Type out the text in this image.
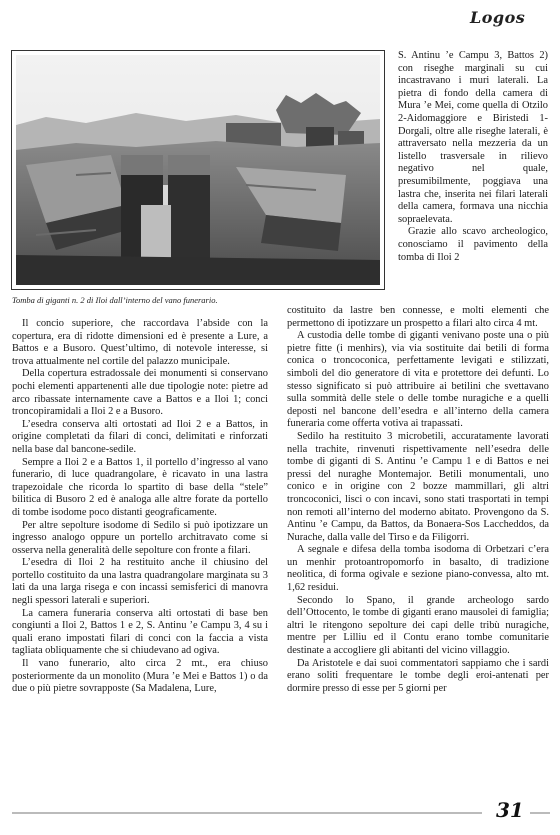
Logos
Tomba di giganti n. 2 di Iloi dall’interno del vano funerario.

S. Antinu ’e Campu 3, Battos 2) con riseghe marginali su cui incastravano i muri laterali. La pietra di fondo della camera di Mura ’e Mei, come quella di Otzilo 2-Aidomaggiore e Biristedi 1-Dorgali, oltre alle riseghe laterali, è attraversato nella mezzeria da un listello trasversale in rilievo negativo nel quale, presumibilmente, poggiava una lastra che, inserita nei filari laterali della camera, formava una nicchia sopraelevata.

Grazie allo scavo archeologico, conosciamo il pavimento della tomba di Iloi 2

costituito da lastre ben connesse, e molti elementi che permettono di ipotizzare un prospetto a filari alto circa 4 mt.

A custodia delle tombe di giganti venivano poste una o più pietre fitte (i menhirs), via via sostituite dai betili di forma conica o troncoconica, perfettamente levigati e stilizzati, simboli del dio generatore di vita e protettore dei defunti. Lo stesso significato si può attribuire ai betilini che svettavano sulla sommità delle stele o delle tombe nuragiche e a quelli deposti nel bancone dell’esedra e all’interno della camera funeraria come offerta votiva ai trapassati.

Sedilo ha restituito 3 microbetili, accuratamente lavorati nella trachite, rinvenuti rispettivamente nell’esedra delle tombe di giganti di S. Antinu ’e Campu 1 e di Battos e nei pressi del nuraghe Montemajor. Betili monumentali, uno conico e in origine con 2 bozze mammillari, gli altri troncoconici, lisci o con incavi, sono stati trasportati in tempi non remoti all’interno del moderno abitato. Provengono da S. Antinu ’e Campu, da Battos, da Bonaera-Sos Laccheddos, da Nurache, dalla valle del Tirso e da Filigorri.

A segnale e difesa della tomba isodoma di Orbetzari c’era un menhir protoantropomorfo in basalto, di tradizione neolitica, di forma ogivale e sezione piano-convessa, alto mt. 1,62 residui.

Secondo lo Spano, il grande archeologo sardo dell’Ottocento, le tombe di giganti erano mausolei di famiglia; altri le ritengono sepolture dei capi delle tribù nuragiche, mentre per Lilliu ed il Contu erano tombe comunitarie destinate a accogliere gli abitanti del vicino villaggio.

Da Aristotele e dai suoi commentatori sappiamo che i sardi erano soliti frequentare le tombe degli eroi-antenati per dormire presso di esse per 5 giorni per

Il concio superiore, che raccordava l’abside con la copertura, era di ridotte dimensioni ed è presente a Lure, a Battos e a Busoro. Quest’ultimo, di notevole interesse, si trova attualmente nel cortile del palazzo municipale.

Della copertura estradossale dei monumenti si conservano pochi elementi appartenenti alle due tipologie note: pietre ad arco ribassate internamente cave a Battos e a Iloi 1; conci troncopiramidali a Iloi 2 e a Busoro.

L’esedra conserva alti ortostati ad Iloi 2 e a Battos, in origine completati da filari di conci, delimitati e rinforzati nella base dal bancone-sedile.

Sempre a Iloi 2 e a Battos 1, il portello d’ingresso al vano funerario, di luce quadrangolare, è ricavato in una lastra trapezoidale che ricorda lo spartito di base della “stele” bilitica di Busoro 2 ed è analoga alle altre forate da portello di tombe isodome poco distanti geograficamente.

Per altre sepolture isodome di Sedilo si può ipotizzare un ingresso analogo oppure un portello architravato come si osserva nella generalità delle sepolture con fronte a filari.

L’esedra di Iloi 2 ha restituito anche il chiusino del portello costituito da una lastra quadrangolare marginata su 3 lati da una larga risega e con incassi semisferici di manovra negli spessori laterali e superiori.

La camera funeraria conserva alti ortostati di base ben congiunti a Iloi 2, Battos 1 e 2, S. Antinu ’e Campu 3, 4 su i quali erano impostati filari di conci con la faccia a vista tagliata obliquamente che si chiudevano ad ogiva.

Il vano funerario, alto circa 2 mt., era chiuso posteriormente da un monolito (Mura ’e Mei e Battos 1) o da due o più pietre sovrapposte (Sa Madalena, Lure,

31
